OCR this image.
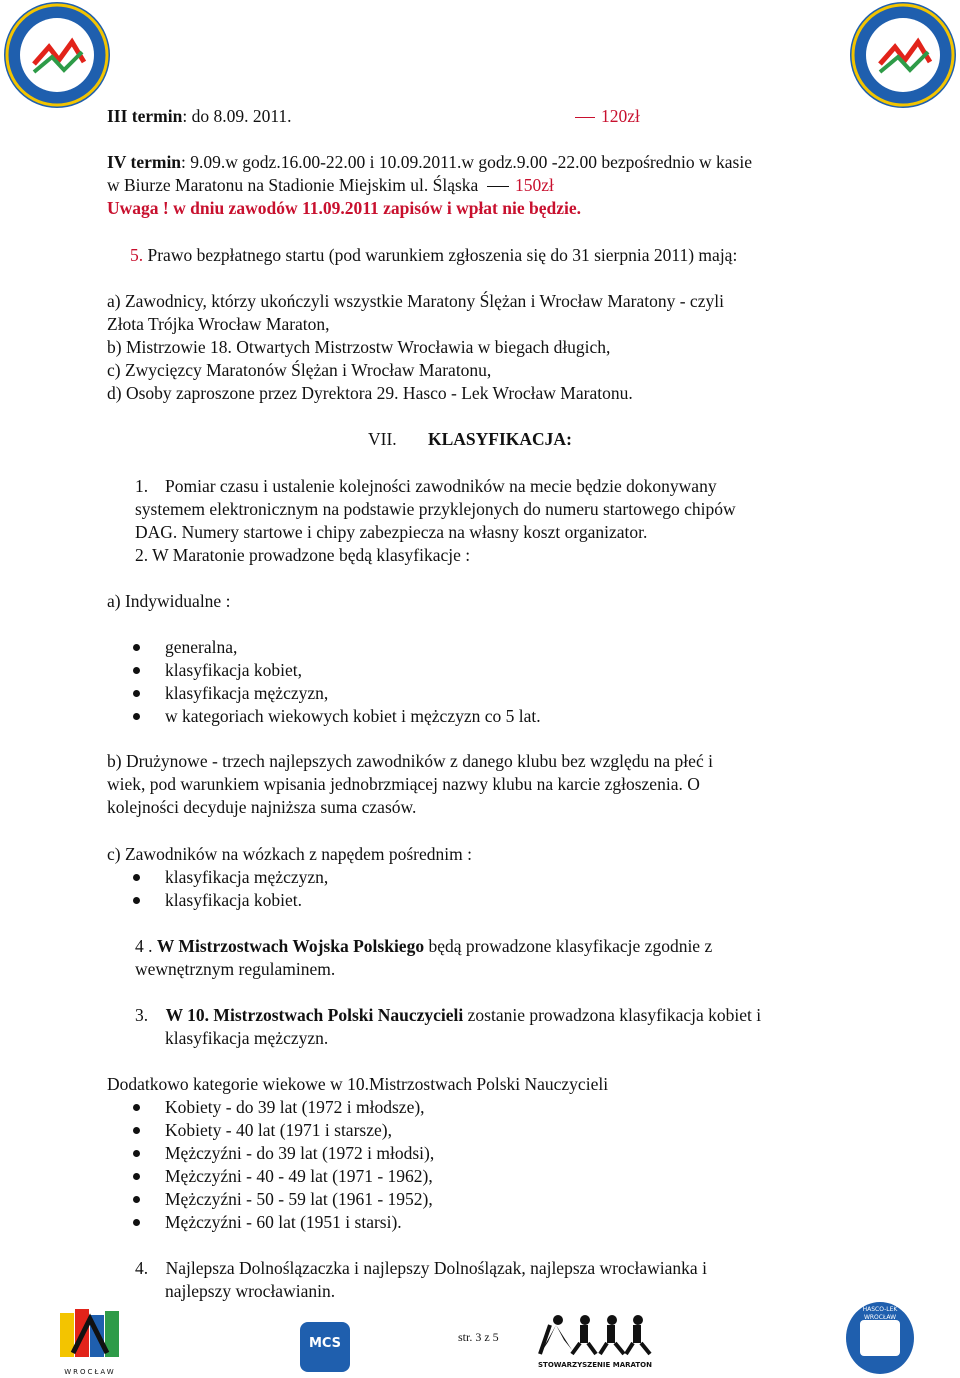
III termin: do 8.09. 2011.	120zł
IV termin: 9.09.w godz.16.00-22.00 i 10.09.2011.w godz.9.00 -22.00 bezpośrednio w kasie
w Biurze Maratonu na Stadionie Miejskim ul. Śląska	150zł
Uwaga ! w dniu zawodów 11.09.2011 zapisów i wpłat nie będzie.
5. Prawo bezpłatnego startu (pod warunkiem zgłoszenia się do 31 sierpnia 2011) mają:
a) Zawodnicy, którzy ukończyli wszystkie Maratony Ślężan i Wrocław Maratony - czyli
Złota Trójka Wrocław Maraton,
b) Mistrzowie 18. Otwartych Mistrzostw Wrocławia w biegach długich,
c) Zwycięzcy Maratonów Ślężan i Wrocław Maratonu,
d) Osoby zaproszone przez Dyrektora 29. Hasco - Lek Wrocław Maratonu.
VII. KLASYFIKACJA:
1. Pomiar czasu i ustalenie kolejności zawodników na mecie będzie dokonywany
systemem elektronicznym na podstawie przyklejonych do numeru startowego chipów
DAG. Numery startowe i chipy zabezpiecza na własny koszt organizator.
2. W Maratonie prowadzone będą klasyfikacje :
a) Indywidualne :
generalna,
klasyfikacja kobiet,
klasyfikacja mężczyzn,
w kategoriach wiekowych kobiet i mężczyzn co 5 lat.
b) Drużynowe - trzech najlepszych zawodników z danego klubu bez względu na płeć i
wiek, pod warunkiem wpisania jednobrzmiącej nazwy klubu na karcie zgłoszenia. O
kolejności decyduje najniższa suma czasów.
c) Zawodników na wózkach z napędem pośrednim :
klasyfikacja mężczyzn,
klasyfikacja kobiet.
4 . W Mistrzostwach Wojska Polskiego będą prowadzone klasyfikacje zgodnie z
wewnętrznym regulaminem.
3. W 10. Mistrzostwach Polski Nauczycieli zostanie prowadzona klasyfikacja kobiet i
klasyfikacja mężczyzn.
Dodatkowo kategorie wiekowe w 10.Mistrzostwach Polski Nauczycieli
Kobiety - do 39 lat (1972 i młodsze),
Kobiety - 40 lat (1971 i starsze),
Mężczyźni - do 39 lat (1972 i młodsi),
Mężczyźni - 40 - 49 lat (1971 - 1962),
Mężczyźni - 50 - 59 lat (1961 - 1952),
Mężczyźni - 60 lat (1951 i starsi).
4. Najlepsza Dolnoślązaczka i najlepszy Dolnoślązak, najlepsza wrocławianka i
najlepszy wrocławianin.
WROCŁAW
MCS	str. 3 z 5
STOWARZYSZENIE MARATON
HASCO-LEK WROCŁAW
